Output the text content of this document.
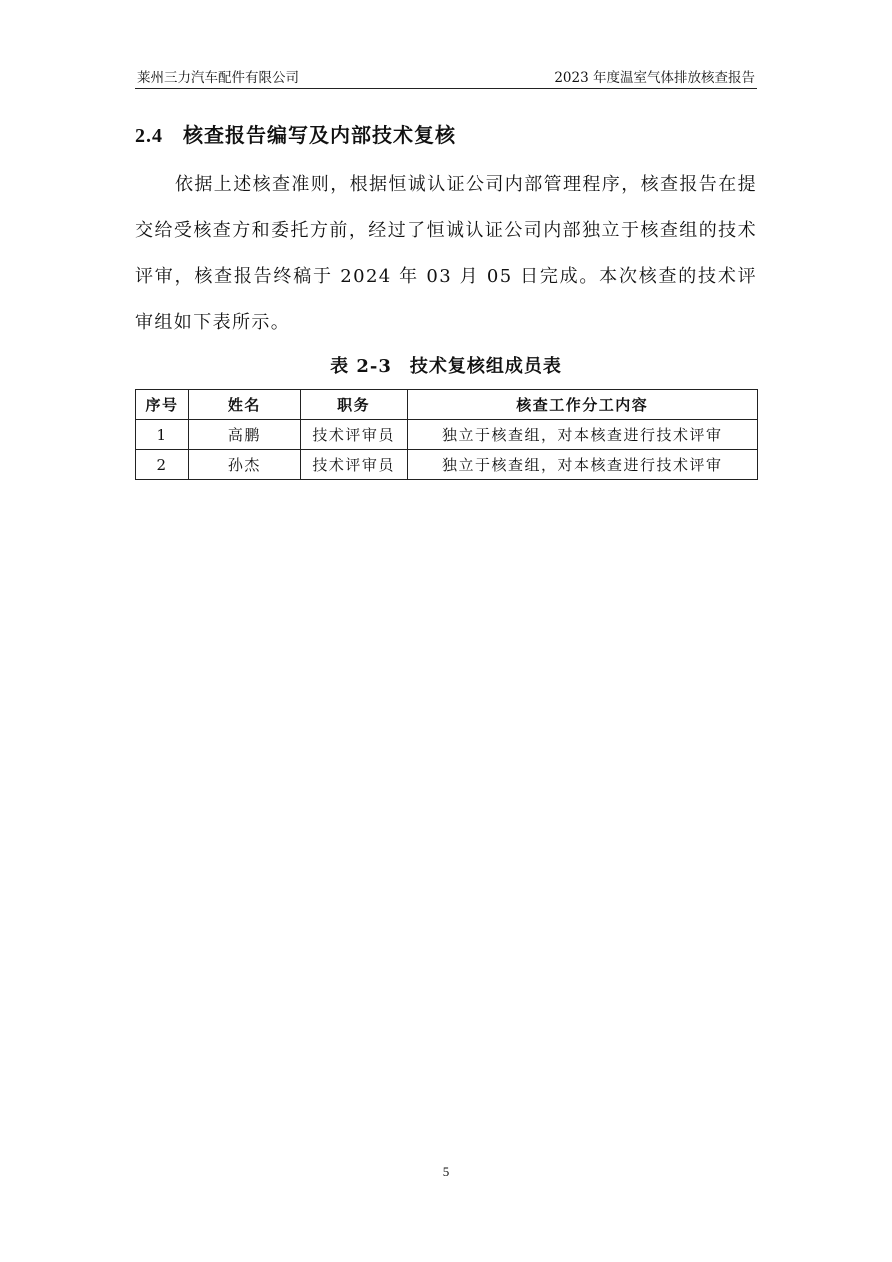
莱州三力汽车配件有限公司	2023 年度温室气体排放核查报告
2.4 核查报告编写及内部技术复核
依据上述核查准则，根据恒诚认证公司内部管理程序，核查报告在提交给受核查方和委托方前，经过了恒诚认证公司内部独立于核查组的技术评审，核查报告终稿于 2024 年 03 月 05 日完成。本次核查的技术评审组如下表所示。
表 2-3 技术复核组成员表
序号	姓名	职务	核查工作分工内容
1	高鹏	技术评审员	独立于核查组，对本核查进行技术评审
2	孙杰	技术评审员	独立于核查组，对本核查进行技术评审
5
